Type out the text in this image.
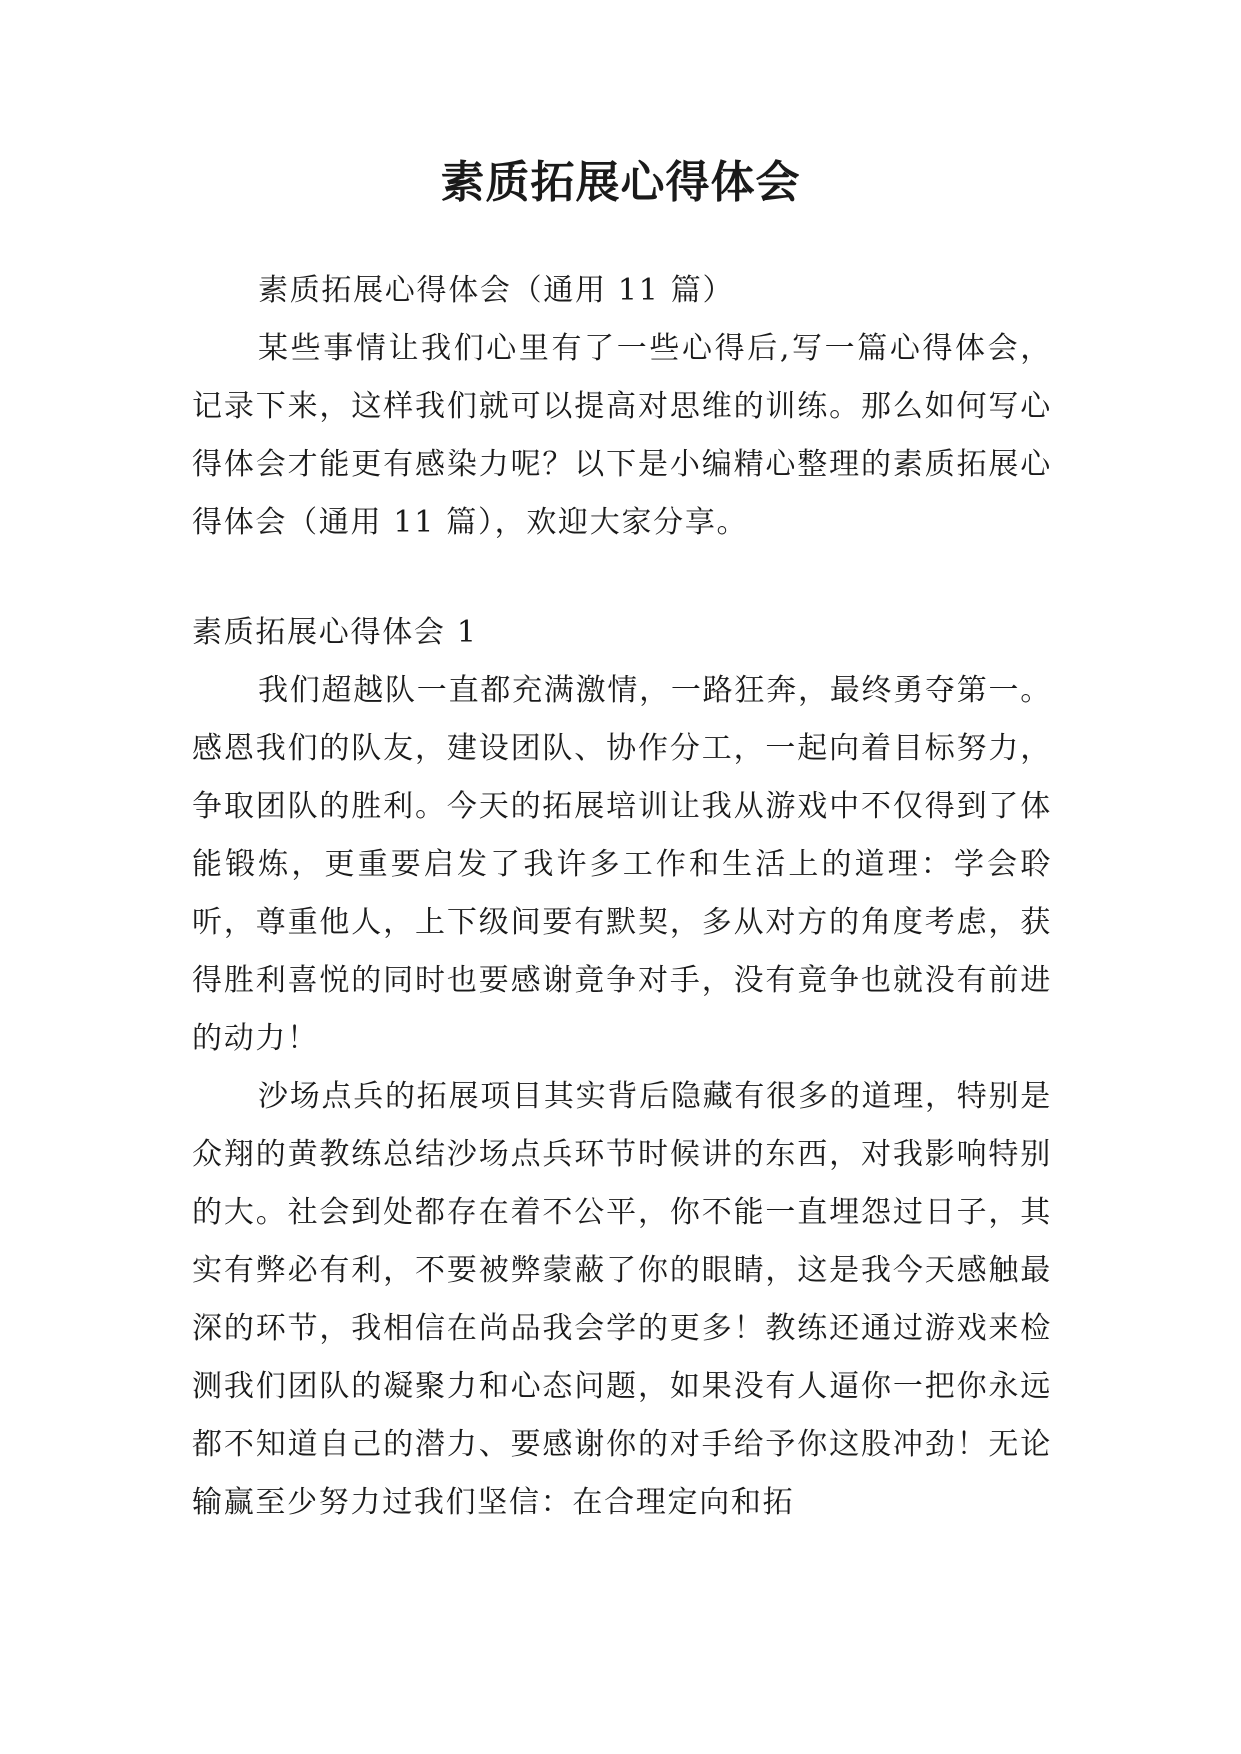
素质拓展心得体会

素质拓展心得体会（通用 11 篇）

某些事情让我们心里有了一些心得后,写一篇心得体会，记录下来，这样我们就可以提高对思维的训练。那么如何写心得体会才能更有感染力呢？以下是小编精心整理的素质拓展心得体会（通用 11 篇），欢迎大家分享。

素质拓展心得体会 1

我们超越队一直都充满激情，一路狂奔，最终勇夺第一。感恩我们的队友，建设团队、协作分工，一起向着目标努力，争取团队的胜利。今天的拓展培训让我从游戏中不仅得到了体能锻炼，更重要启发了我许多工作和生活上的道理：学会聆听，尊重他人，上下级间要有默契，多从对方的角度考虑，获得胜利喜悦的同时也要感谢竟争对手，没有竟争也就没有前进的动力！

沙场点兵的拓展项目其实背后隐藏有很多的道理，特别是众翔的黄教练总结沙场点兵环节时候讲的东西，对我影响特别的大。社会到处都存在着不公平，你不能一直埋怨过日子，其实有弊必有利，不要被弊蒙蔽了你的眼睛，这是我今天感触最深的环节，我相信在尚品我会学的更多！教练还通过游戏来检测我们团队的凝聚力和心态问题，如果没有人逼你一把你永远都不知道自己的潜力、要感谢你的对手给予你这股冲劲！无论输赢至少努力过我们坚信：在合理定向和拓
